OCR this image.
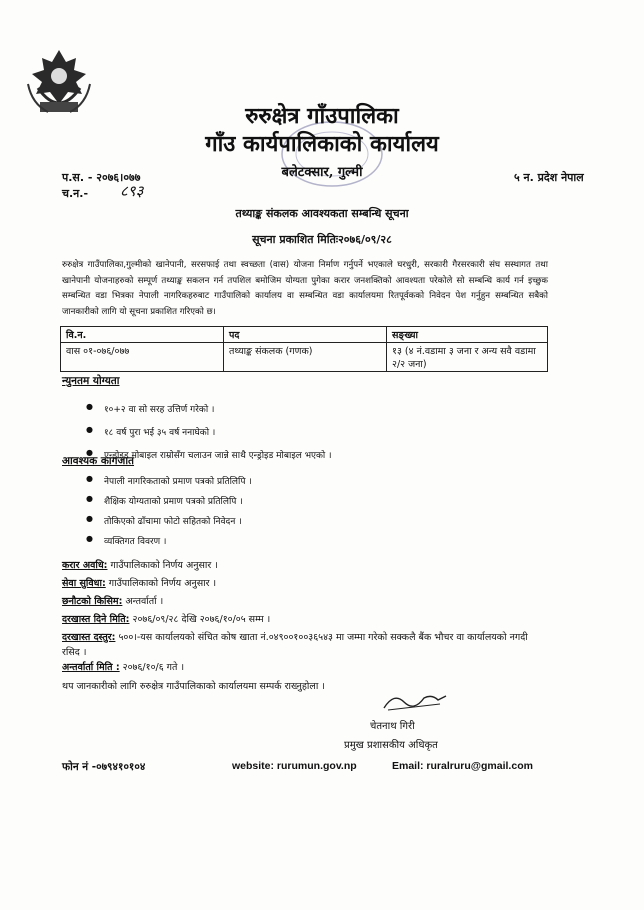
रुरुक्षेत्र गाँउपालिका
गाँउ कार्यपालिकाको कार्यालय
बलेटक्सार, गुल्मी
प.स. - २०७६।०७७
च.न.- ८९३
५ न. प्रदेश नेपाल
तथ्याङ्क संकलक आवश्यकता सम्बन्धि सूचना
सूचना प्रकाशित मितिः२०७६/०९/२८
रुरुक्षेत्र गाउँपालिका,गुल्मीको खानेपानी, सरसफाई तथा स्वच्छता (वास) योजना निर्माण गर्नुपर्ने भएकाले घरधुरी, सरकारी गैरसरकारी संघ सस्थागत तथा खानेपानी योजनाहरुको सम्पूर्ण तथ्याङ्क सकलन गर्न तपशिल बमोजिम योग्यता पुगेका करार जनशक्तिको आवश्यता परेकोले सो सम्बन्धि कार्य गर्न इच्छुक सम्बन्धित वडा भित्रका नेपाली नागरिकहरुबाट गाउँपालिको कार्यालय वा सम्बन्धित वडा कार्यालयमा रितपूर्वकको निवेदन पेश गर्नुहुन सम्बन्धित सबैको जानकारीको लागि यो सूचना प्रकाशित गरिएको छ।
वि.न.	पद	सङ्ख्या
वास ०१-०७६/०७७	तथ्याङ्क संकलक (गणक)	१३ (४ नं.वडामा ३ जना र अन्य सवै वडामा २/२ जना)
न्युनतम योग्यता
● १०+२ वा सो सरह उत्तिर्ण गरेको ।
● १८ वर्ष पुरा भई ३५ वर्ष ननाघेको ।
● एन्ड्रोइड मोबाइल राम्रोसँग चलाउन जान्ने साथै एन्ड्रोइड मोबाइल भएको ।
आवश्यक कागजात
● नेपाली नागरिकताको प्रमाण पत्रको प्रतिलिपि ।
● शैक्षिक योग्यताको प्रमाण पत्रको प्रतिलिपि ।
● तोकिएको ढाँचामा फोटो सहितको निवेदन ।
● व्यक्तिगत विवरण ।
करार अवधि: गाउँपालिकाको निर्णय अनुसार ।
सेवा सुविधा: गाउँपालिकाको निर्णय अनुसार ।
छनौटको किसिम: अन्तर्वार्ता ।
दरखास्त दिने मिति: २०७६/०९/२८ देखि २०७६/१०/०५ सम्म ।
दरखास्त दस्तुर: ५००।-यस कार्यालयको संचित कोष खाता नं.०४९००१००३६५४३ मा जम्मा गरेको सक्कलै बैंक भौचर वा कार्यालयको नगदी रसिद ।
अन्तर्वार्ता मिति : २०७६/१०/६ गते ।
थप जानकारीको लागि रुरुक्षेत्र गाउँपालिकाको कार्यालयमा सम्पर्क राख्नुहोला ।
चेतनाथ गिरी
प्रमुख प्रशासकीय अधिकृत
फोन नं -०७९४१०१०४	website: rurumun.gov.np	Email: ruralruru@gmail.com
